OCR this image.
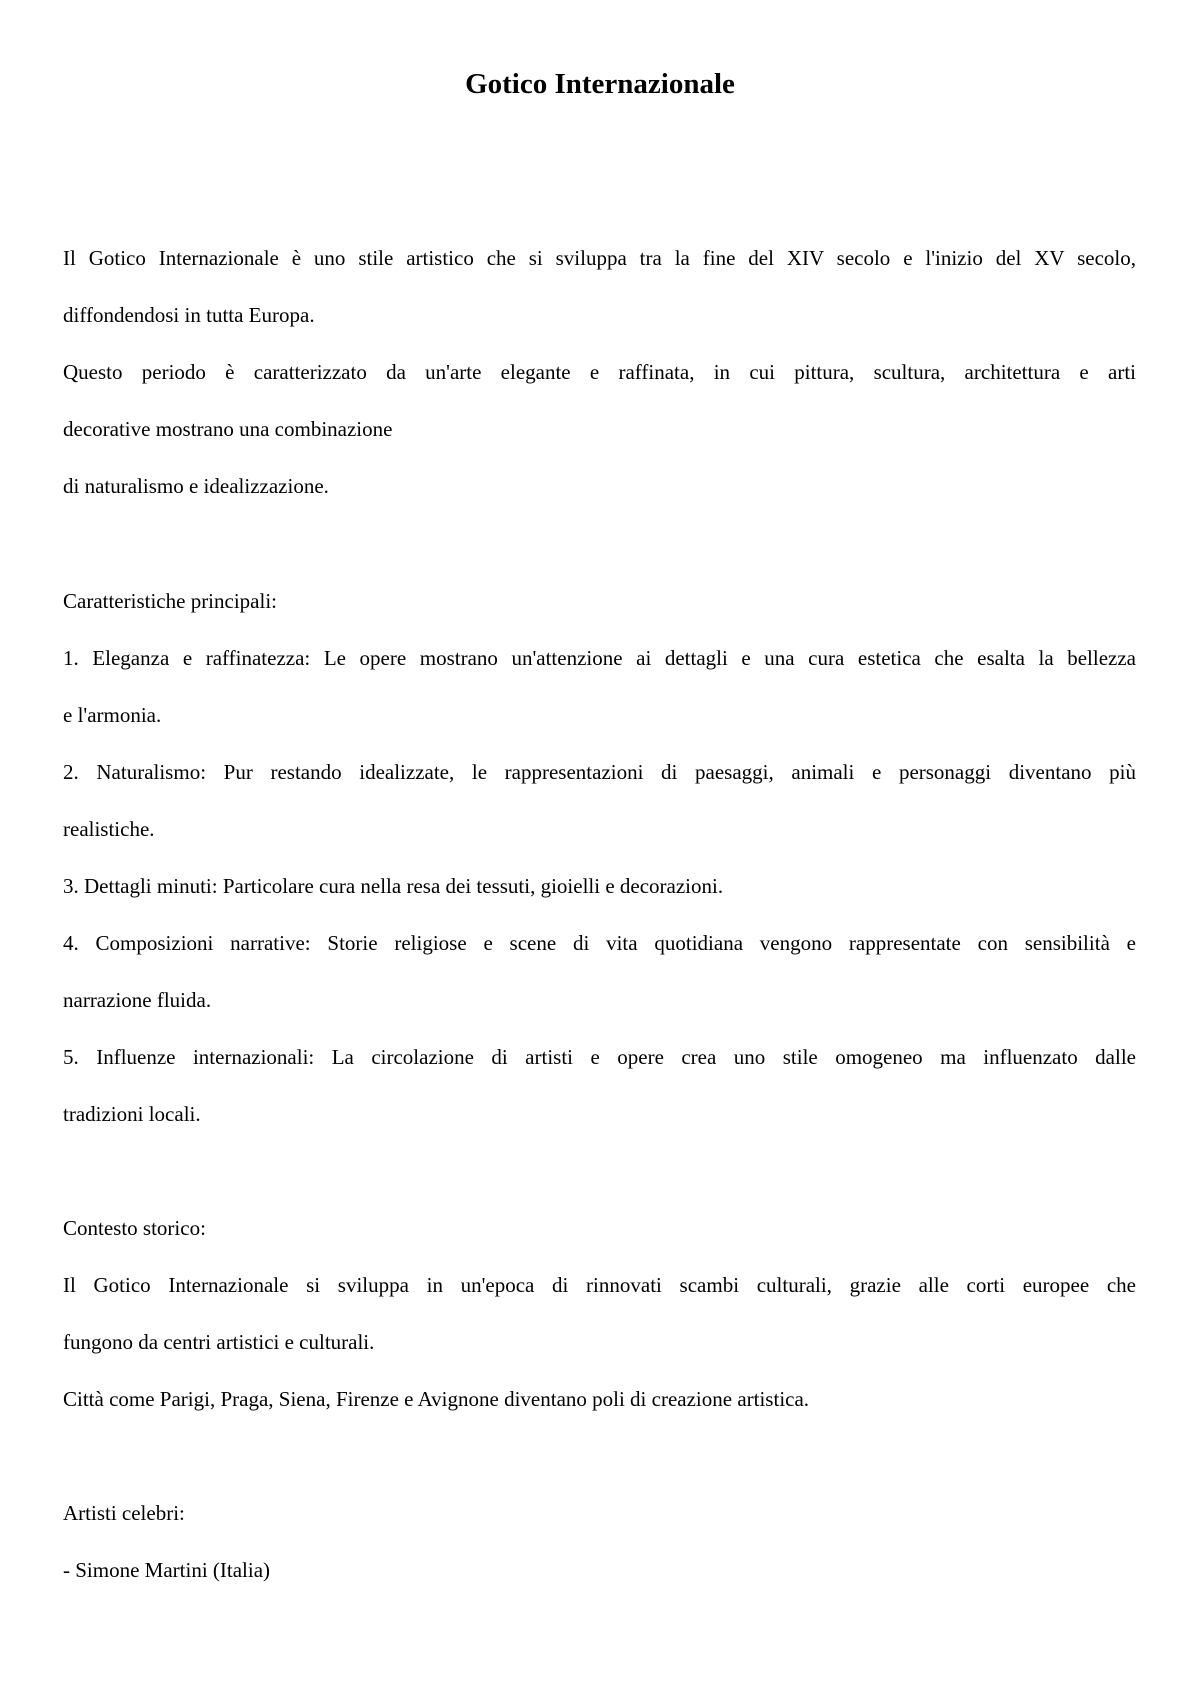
Gotico Internazionale

Il Gotico Internazionale è uno stile artistico che si sviluppa tra la fine del XIV secolo e l'inizio del XV secolo,

diffondendosi in tutta Europa.

Questo periodo è caratterizzato da un'arte elegante e raffinata, in cui pittura, scultura, architettura e arti

decorative mostrano una combinazione

di naturalismo e idealizzazione.

Caratteristiche principali:

1. Eleganza e raffinatezza: Le opere mostrano un'attenzione ai dettagli e una cura estetica che esalta la bellezza

e l'armonia.

2. Naturalismo: Pur restando idealizzate, le rappresentazioni di paesaggi, animali e personaggi diventano più

realistiche.

3. Dettagli minuti: Particolare cura nella resa dei tessuti, gioielli e decorazioni.

4. Composizioni narrative: Storie religiose e scene di vita quotidiana vengono rappresentate con sensibilità e

narrazione fluida.

5. Influenze internazionali: La circolazione di artisti e opere crea uno stile omogeneo ma influenzato dalle

tradizioni locali.

Contesto storico:

Il Gotico Internazionale si sviluppa in un'epoca di rinnovati scambi culturali, grazie alle corti europee che

fungono da centri artistici e culturali.

Città come Parigi, Praga, Siena, Firenze e Avignone diventano poli di creazione artistica.

Artisti celebri:

- Simone Martini (Italia)
